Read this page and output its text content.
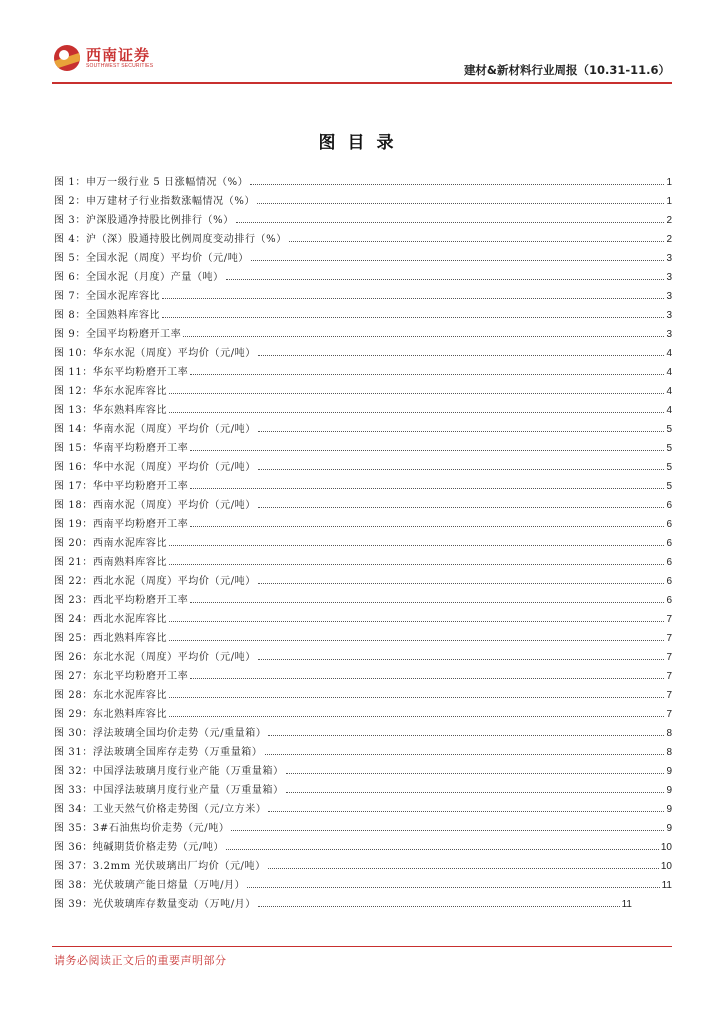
西南证券
SOUTHWEST SECURITIES	建材&新材料行业周报（10.31-11.6）
图目录
图 1：申万一级行业 5 日涨幅情况（%）	1
图 2：申万建材子行业指数涨幅情况（%）	1
图 3：沪深股通净持股比例排行（%）	2
图 4：沪（深）股通持股比例周度变动排行（%）	2
图 5：全国水泥（周度）平均价（元/吨）	3
图 6：全国水泥（月度）产量（吨）	3
图 7：全国水泥库容比	3
图 8：全国熟料库容比	3
图 9：全国平均粉磨开工率	3
图 10：华东水泥（周度）平均价（元/吨）	4
图 11：华东平均粉磨开工率	4
图 12：华东水泥库容比	4
图 13：华东熟料库容比	4
图 14：华南水泥（周度）平均价（元/吨）	5
图 15：华南平均粉磨开工率	5
图 16：华中水泥（周度）平均价（元/吨）	5
图 17：华中平均粉磨开工率	5
图 18：西南水泥（周度）平均价（元/吨）	6
图 19：西南平均粉磨开工率	6
图 20：西南水泥库容比	6
图 21：西南熟料库容比	6
图 22：西北水泥（周度）平均价（元/吨）	6
图 23：西北平均粉磨开工率	6
图 24：西北水泥库容比	7
图 25：西北熟料库容比	7
图 26：东北水泥（周度）平均价（元/吨）	7
图 27：东北平均粉磨开工率	7
图 28：东北水泥库容比	7
图 29：东北熟料库容比	7
图 30：浮法玻璃全国均价走势（元/重量箱）	8
图 31：浮法玻璃全国库存走势（万重量箱）	8
图 32：中国浮法玻璃月度行业产能（万重量箱）	9
图 33：中国浮法玻璃月度行业产量（万重量箱）	9
图 34：工业天然气价格走势图（元/立方米）	9
图 35：3#石油焦均价走势（元/吨）	9
图 36：纯碱期货价格走势（元/吨）	10
图 37：3.2mm 光伏玻璃出厂均价（元/吨）	10
图 38：光伏玻璃产能日熔量（万吨/月）	11
图 39：光伏玻璃库存数量变动（万吨/月）	11
请务必阅读正文后的重要声明部分
